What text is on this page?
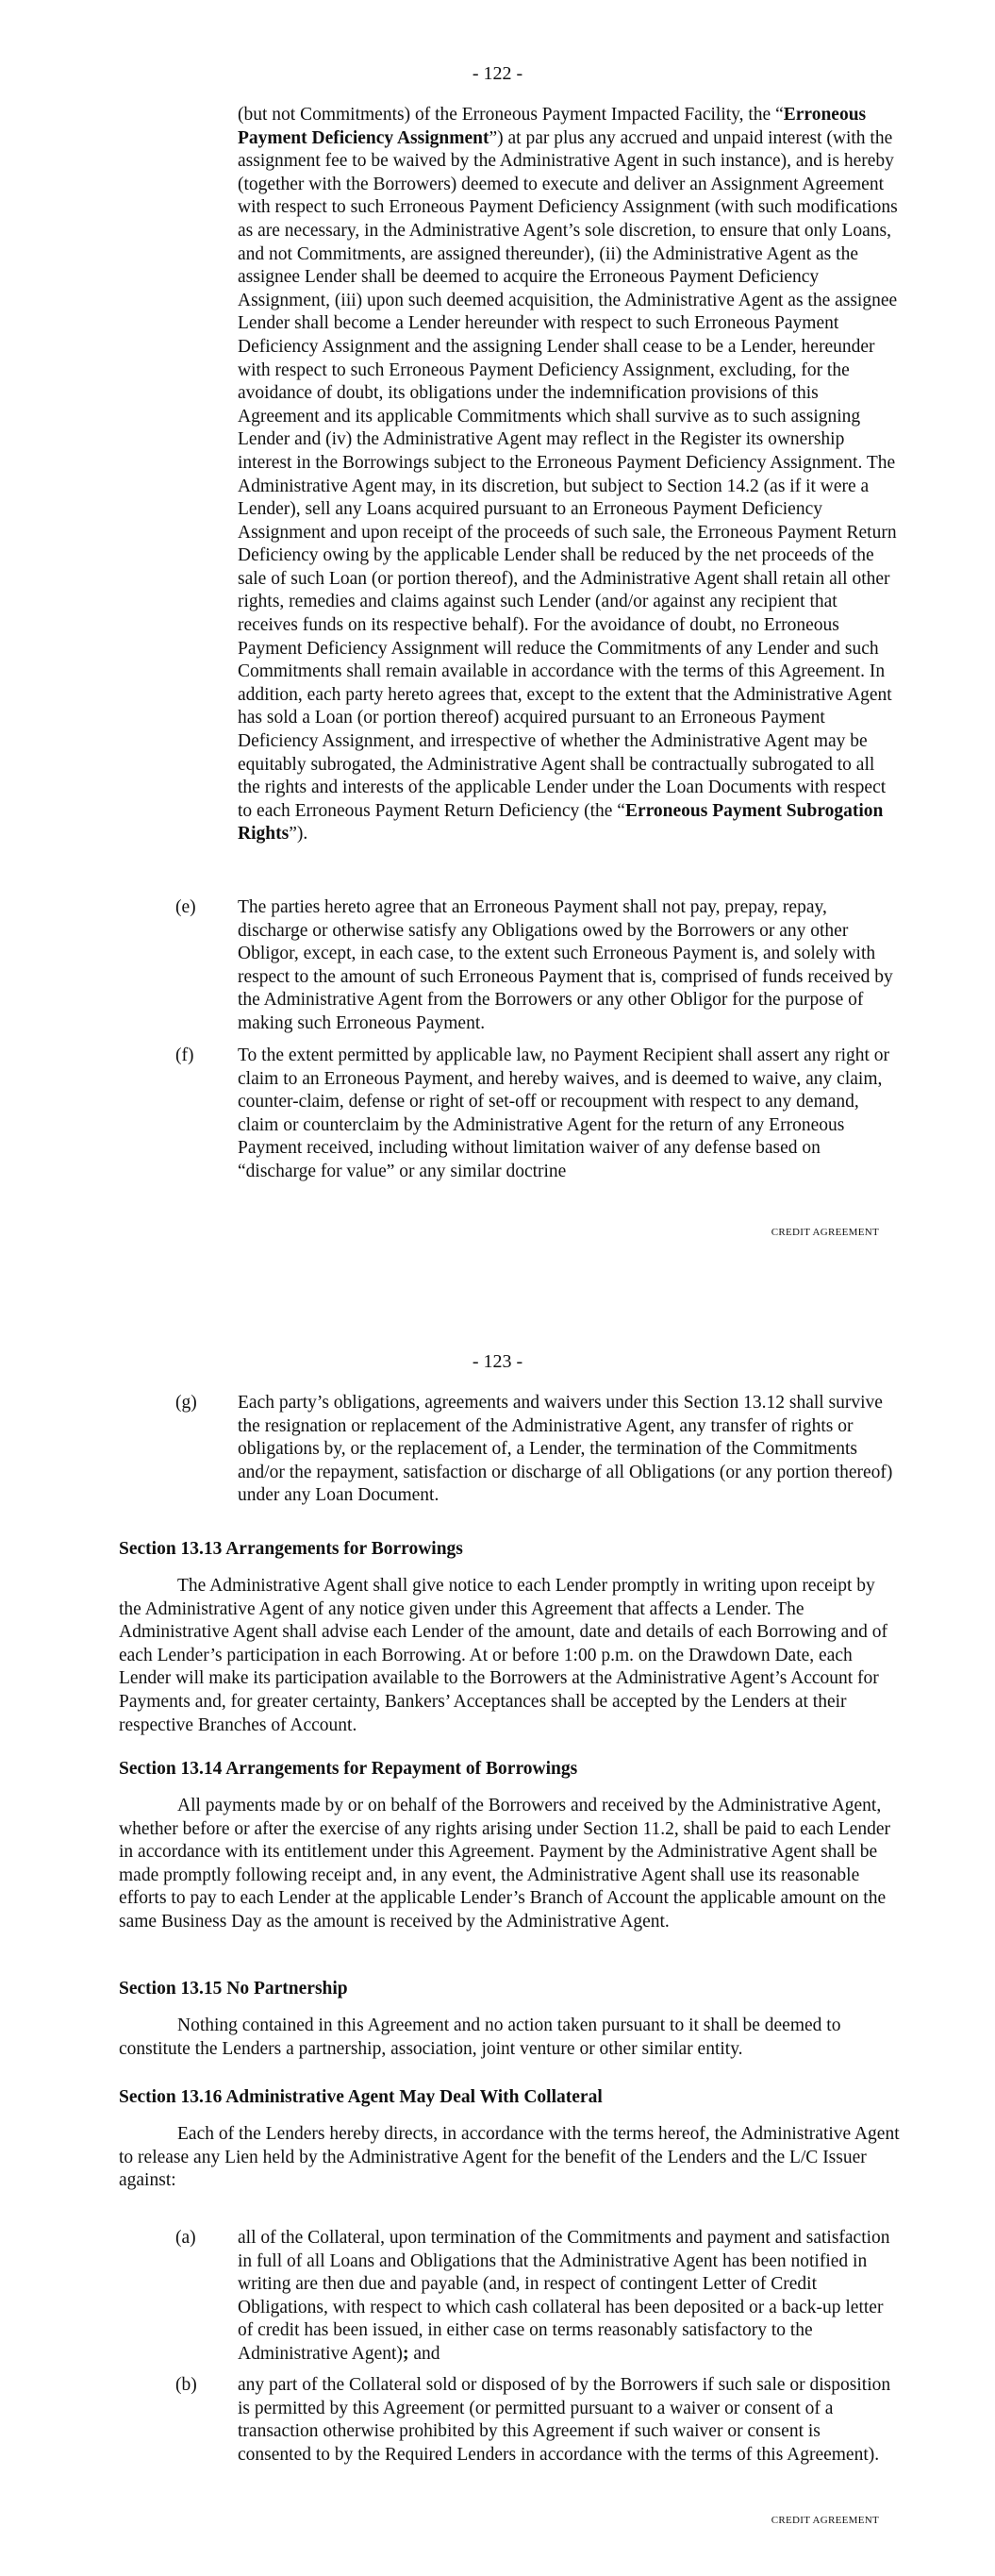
- 122 -

(but not Commitments) of the Erroneous Payment Impacted Facility, the “Erroneous Payment Deficiency Assignment”) at par plus any accrued and unpaid interest (with the assignment fee to be waived by the Administrative Agent in such instance), and is hereby (together with the Borrowers) deemed to execute and deliver an Assignment Agreement with respect to such Erroneous Payment Deficiency Assignment (with such modifications as are necessary, in the Administrative Agent’s sole discretion, to ensure that only Loans, and not Commitments, are assigned thereunder), (ii) the Administrative Agent as the assignee Lender shall be deemed to acquire the Erroneous Payment Deficiency Assignment, (iii) upon such deemed acquisition, the Administrative Agent as the assignee Lender shall become a Lender hereunder with respect to such Erroneous Payment Deficiency Assignment and the assigning Lender shall cease to be a Lender, hereunder with respect to such Erroneous Payment Deficiency Assignment, excluding, for the avoidance of doubt, its obligations under the indemnification provisions of this Agreement and its applicable Commitments which shall survive as to such assigning Lender and (iv) the Administrative Agent may reflect in the Register its ownership interest in the Borrowings subject to the Erroneous Payment Deficiency Assignment. The Administrative Agent may, in its discretion, but subject to Section 14.2 (as if it were a Lender), sell any Loans acquired pursuant to an Erroneous Payment Deficiency Assignment and upon receipt of the proceeds of such sale, the Erroneous Payment Return Deficiency owing by the applicable Lender shall be reduced by the net proceeds of the sale of such Loan (or portion thereof), and the Administrative Agent shall retain all other rights, remedies and claims against such Lender (and/or against any recipient that receives funds on its respective behalf). For the avoidance of doubt, no Erroneous Payment Deficiency Assignment will reduce the Commitments of any Lender and such Commitments shall remain available in accordance with the terms of this Agreement. In addition, each party hereto agrees that, except to the extent that the Administrative Agent has sold a Loan (or portion thereof) acquired pursuant to an Erroneous Payment Deficiency Assignment, and irrespective of whether the Administrative Agent may be equitably subrogated, the Administrative Agent shall be contractually subrogated to all the rights and interests of the applicable Lender under the Loan Documents with respect to each Erroneous Payment Return Deficiency (the “Erroneous Payment Subrogation Rights”).

(e) The parties hereto agree that an Erroneous Payment shall not pay, prepay, repay, discharge or otherwise satisfy any Obligations owed by the Borrowers or any other Obligor, except, in each case, to the extent such Erroneous Payment is, and solely with respect to the amount of such Erroneous Payment that is, comprised of funds received by the Administrative Agent from the Borrowers or any other Obligor for the purpose of making such Erroneous Payment.

(f) To the extent permitted by applicable law, no Payment Recipient shall assert any right or claim to an Erroneous Payment, and hereby waives, and is deemed to waive, any claim, counter-claim, defense or right of set-off or recoupment with respect to any demand, claim or counterclaim by the Administrative Agent for the return of any Erroneous Payment received, including without limitation waiver of any defense based on “discharge for value” or any similar doctrine

CREDIT AGREEMENT
- 123 -
(g) Each party’s obligations, agreements and waivers under this Section 13.12 shall survive the resignation or replacement of the Administrative Agent, any transfer of rights or obligations by, or the replacement of, a Lender, the termination of the Commitments and/or the repayment, satisfaction or discharge of all Obligations (or any portion thereof) under any Loan Document.

Section 13.13 Arrangements for Borrowings

The Administrative Agent shall give notice to each Lender promptly in writing upon receipt by the Administrative Agent of any notice given under this Agreement that affects a Lender. The Administrative Agent shall advise each Lender of the amount, date and details of each Borrowing and of each Lender’s participation in each Borrowing. At or before 1:00 p.m. on the Drawdown Date, each Lender will make its participation available to the Borrowers at the Administrative Agent’s Account for Payments and, for greater certainty, Bankers’ Acceptances shall be accepted by the Lenders at their respective Branches of Account.

Section 13.14 Arrangements for Repayment of Borrowings

All payments made by or on behalf of the Borrowers and received by the Administrative Agent, whether before or after the exercise of any rights arising under Section 11.2, shall be paid to each Lender in accordance with its entitlement under this Agreement. Payment by the Administrative Agent shall be made promptly following receipt and, in any event, the Administrative Agent shall use its reasonable efforts to pay to each Lender at the applicable Lender’s Branch of Account the applicable amount on the same Business Day as the amount is received by the Administrative Agent.

Section 13.15 No Partnership

Nothing contained in this Agreement and no action taken pursuant to it shall be deemed to constitute the Lenders a partnership, association, joint venture or other similar entity.

Section 13.16 Administrative Agent May Deal With Collateral

Each of the Lenders hereby directs, in accordance with the terms hereof, the Administrative Agent to release any Lien held by the Administrative Agent for the benefit of the Lenders and the L/C Issuer against:

(a) all of the Collateral, upon termination of the Commitments and payment and satisfaction in full of all Loans and Obligations that the Administrative Agent has been notified in writing are then due and payable (and, in respect of contingent Letter of Credit Obligations, with respect to which cash collateral has been deposited or a back-up letter of credit has been issued, in either case on terms reasonably satisfactory to the Administrative Agent); and

(b) any part of the Collateral sold or disposed of by the Borrowers if such sale or disposition is permitted by this Agreement (or permitted pursuant to a waiver or consent of a transaction otherwise prohibited by this Agreement if such waiver or consent is consented to by the Required Lenders in accordance with the terms of this Agreement).

CREDIT AGREEMENT
